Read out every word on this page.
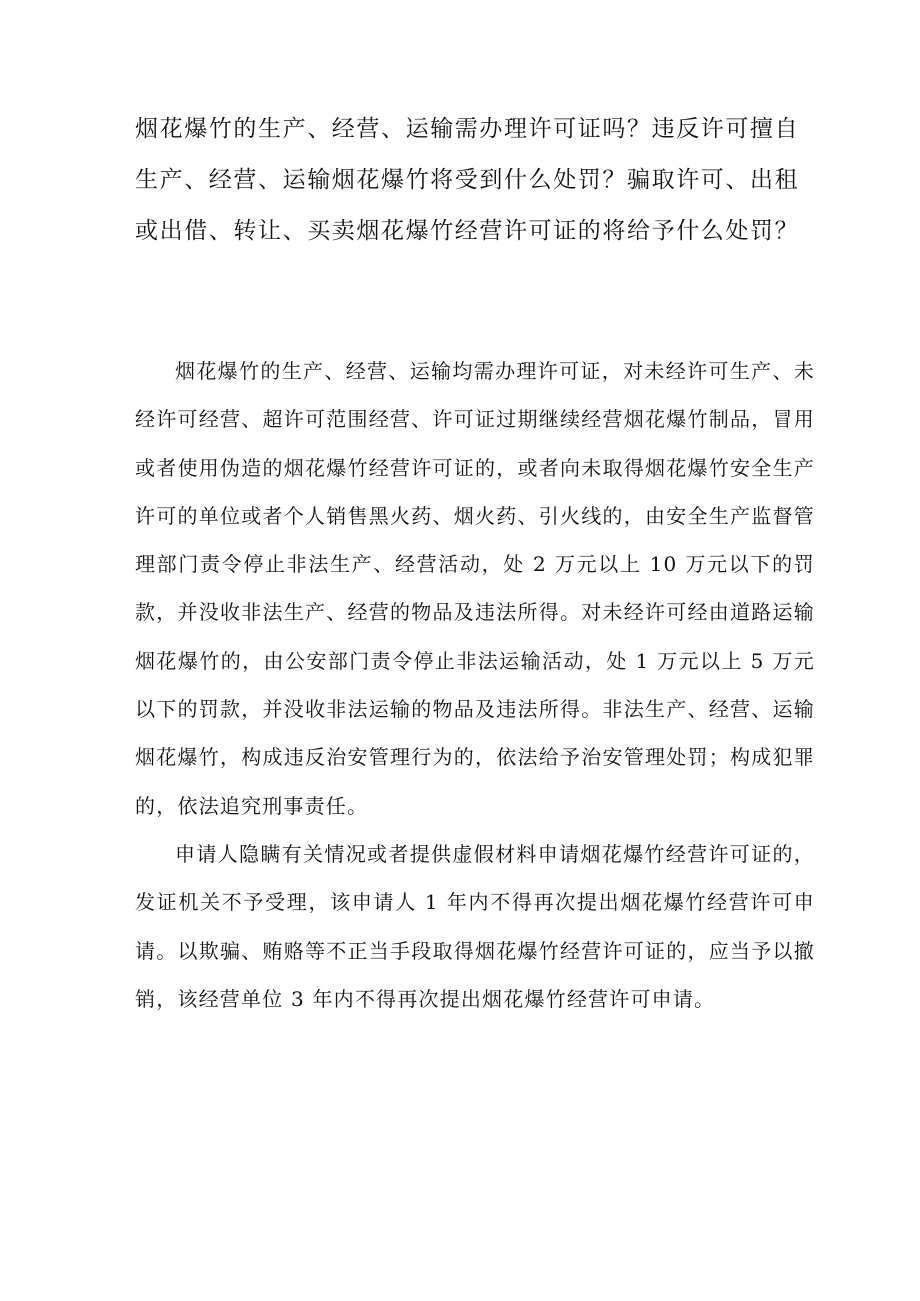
烟花爆竹的生产、经营、运输需办理许可证吗？违反许可擅自生产、经营、运输烟花爆竹将受到什么处罚？骗取许可、出租或出借、转让、买卖烟花爆竹经营许可证的将给予什么处罚？

烟花爆竹的生产、经营、运输均需办理许可证，对未经许可生产、未经许可经营、超许可范围经营、许可证过期继续经营烟花爆竹制品，冒用或者使用伪造的烟花爆竹经营许可证的，或者向未取得烟花爆竹安全生产许可的单位或者个人销售黑火药、烟火药、引火线的，由安全生产监督管理部门责令停止非法生产、经营活动，处 2 万元以上 10 万元以下的罚款，并没收非法生产、经营的物品及违法所得。对未经许可经由道路运输烟花爆竹的，由公安部门责令停止非法运输活动，处 1 万元以上 5 万元以下的罚款，并没收非法运输的物品及违法所得。非法生产、经营、运输烟花爆竹，构成违反治安管理行为的，依法给予治安管理处罚；构成犯罪的，依法追究刑事责任。

申请人隐瞒有关情况或者提供虚假材料申请烟花爆竹经营许可证的，发证机关不予受理，该申请人 1 年内不得再次提出烟花爆竹经营许可申请。以欺骗、贿赂等不正当手段取得烟花爆竹经营许可证的，应当予以撤销，该经营单位 3 年内不得再次提出烟花爆竹经营许可申请。
